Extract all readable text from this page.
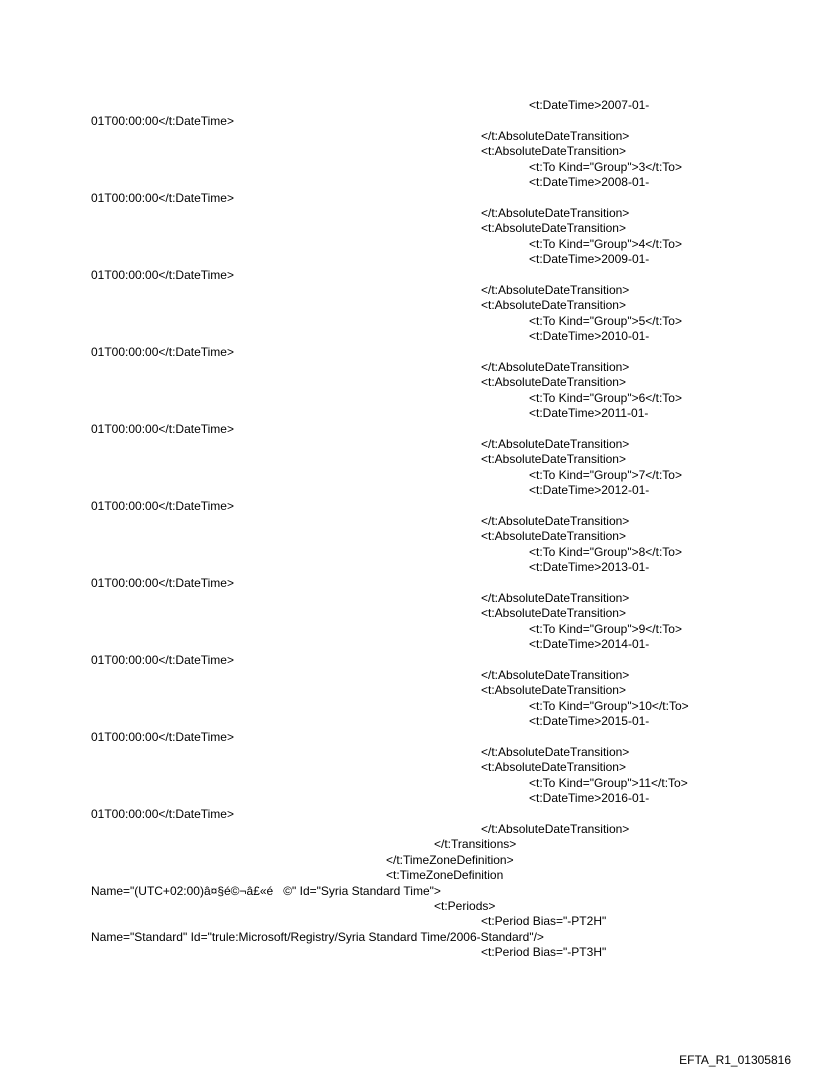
<t:DateTime>2007-01-
01T00:00:00</t:DateTime>
</t:AbsoluteDateTransition>
<t:AbsoluteDateTransition>
<t:To Kind="Group">3</t:To>
<t:DateTime>2008-01-
01T00:00:00</t:DateTime>
</t:AbsoluteDateTransition>
<t:AbsoluteDateTransition>
<t:To Kind="Group">4</t:To>
<t:DateTime>2009-01-
01T00:00:00</t:DateTime>
</t:AbsoluteDateTransition>
<t:AbsoluteDateTransition>
<t:To Kind="Group">5</t:To>
<t:DateTime>2010-01-
01T00:00:00</t:DateTime>
</t:AbsoluteDateTransition>
<t:AbsoluteDateTransition>
<t:To Kind="Group">6</t:To>
<t:DateTime>2011-01-
01T00:00:00</t:DateTime>
</t:AbsoluteDateTransition>
<t:AbsoluteDateTransition>
<t:To Kind="Group">7</t:To>
<t:DateTime>2012-01-
01T00:00:00</t:DateTime>
</t:AbsoluteDateTransition>
<t:AbsoluteDateTransition>
<t:To Kind="Group">8</t:To>
<t:DateTime>2013-01-
01T00:00:00</t:DateTime>
</t:AbsoluteDateTransition>
<t:AbsoluteDateTransition>
<t:To Kind="Group">9</t:To>
<t:DateTime>2014-01-
01T00:00:00</t:DateTime>
</t:AbsoluteDateTransition>
<t:AbsoluteDateTransition>
<t:To Kind="Group">10</t:To>
<t:DateTime>2015-01-
01T00:00:00</t:DateTime>
</t:AbsoluteDateTransition>
<t:AbsoluteDateTransition>
<t:To Kind="Group">11</t:To>
<t:DateTime>2016-01-
01T00:00:00</t:DateTime>
</t:AbsoluteDateTransition>
</t:Transitions>
</t:TimeZoneDefinition>
<t:TimeZoneDefinition
Name="(UTC+02:00)â¤§é©¬â£«é   ©" Id="Syria Standard Time">
<t:Periods>
<t:Period Bias="-PT2H"
Name="Standard" Id="trule:Microsoft/Registry/Syria Standard Time/2006-Standard"/>
<t:Period Bias="-PT3H"
EFTA_R1_01305816
